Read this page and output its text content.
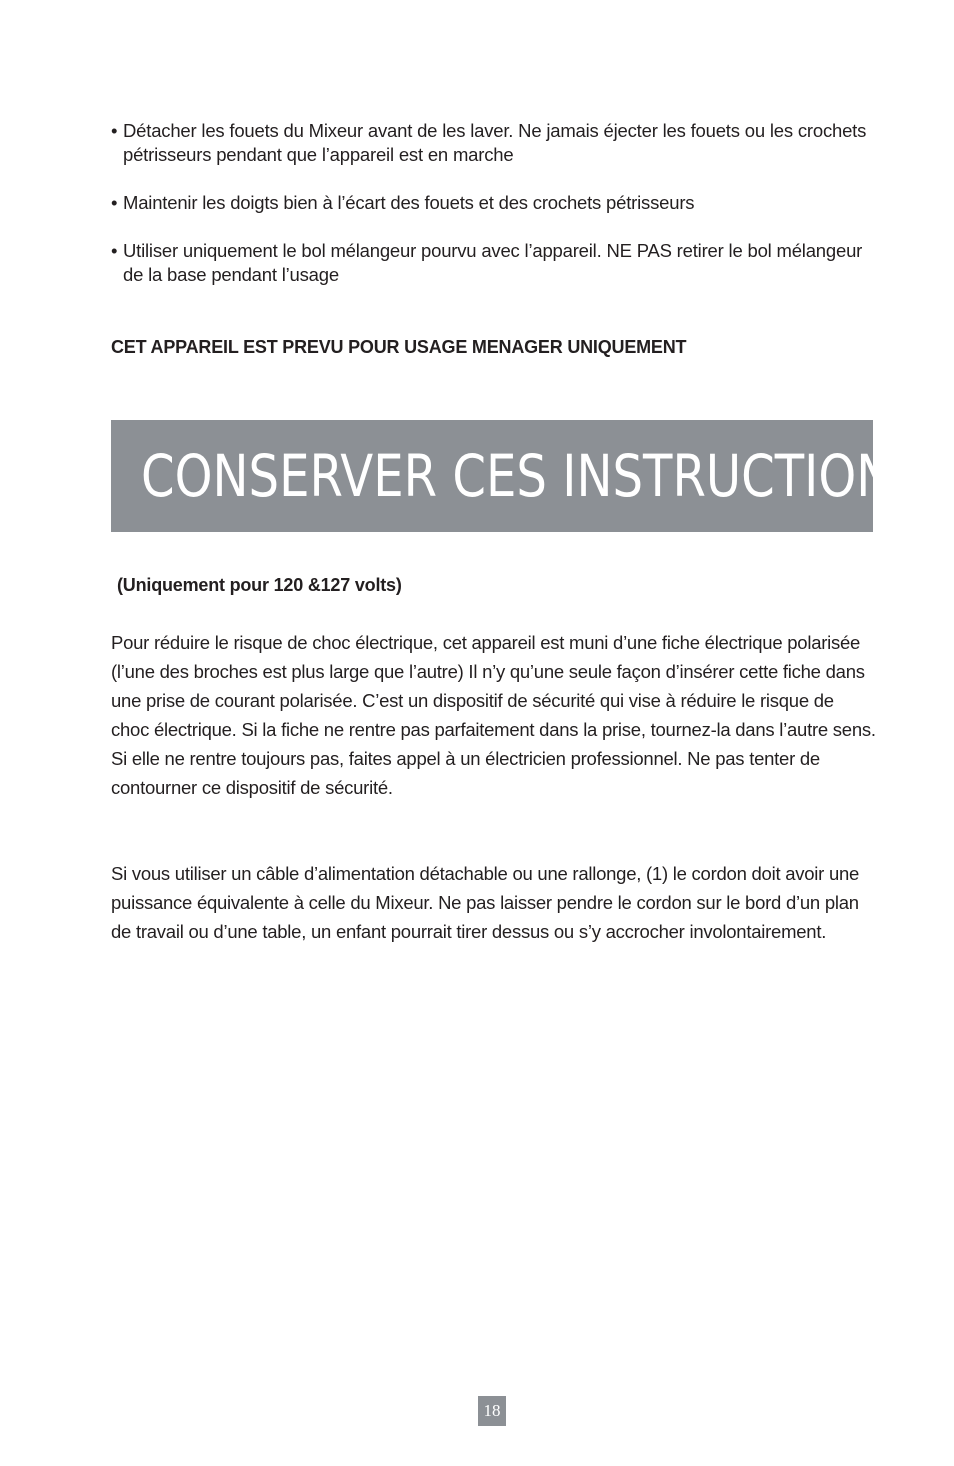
• Détacher les fouets du Mixeur avant de les laver. Ne jamais éjecter les fouets ou les crochets pétrisseurs pendant que l’appareil est en marche
• Maintenir les doigts bien à l’écart des fouets et des crochets pétrisseurs
• Utiliser uniquement le bol mélangeur pourvu avec l’appareil. NE PAS retirer le bol mélangeur de la base pendant l’usage
CET APPAREIL EST PREVU POUR USAGE MENAGER UNIQUEMENT
CONSERVER CES INSTRUCTIONS
(Uniquement pour 120 &127 volts)

Pour réduire le risque de choc électrique, cet appareil est muni d’une fiche électrique polarisée (l’une des broches est plus large que l’autre) Il n’y qu’une seule façon d’insérer cette fiche dans une prise de courant polarisée. C’est un dispositif de sécurité qui vise à réduire le risque de choc électrique. Si la fiche ne rentre pas parfaitement dans la prise, tournez-la dans l’autre sens. Si elle ne rentre toujours pas, faites appel à un électricien professionnel. Ne pas tenter de contourner ce dispositif de sécurité.

Si vous utiliser un câble d’alimentation détachable ou une rallonge, (1) le cordon doit avoir une puissance équivalente à celle du Mixeur. Ne pas laisser pendre le cordon sur le bord d’un plan de travail ou d’une table, un enfant pourrait tirer dessus ou s’y accrocher involontairement.

18
